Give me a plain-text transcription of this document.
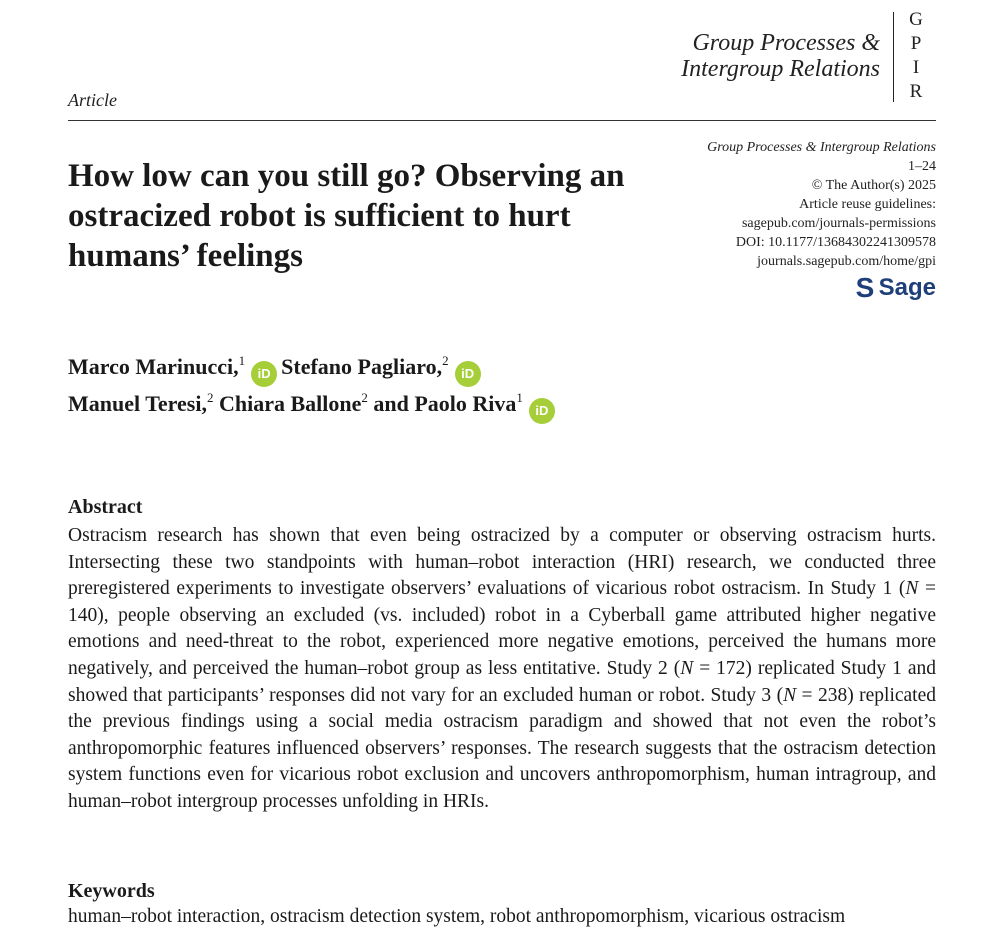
Group Processes &
Intergroup Relations
G
P
I
R
Article
How low can you still go? Observing an ostracized robot is sufficient to hurt humans’ feelings
Group Processes & Intergroup Relations
1–24
© The Author(s) 2025
Article reuse guidelines:
sagepub.com/journals-permissions
DOI: 10.1177/13684302241309578
journals.sagepub.com/home/gpi
S Sage
Marco Marinucci,$^1$iD Stefano Pagliaro,$^2$iD
Manuel Teresi,$^2$ Chiara Ballone$^2$ and Paolo Riva$^1$iD
Abstract

Ostracism research has shown that even being ostracized by a computer or observing ostracism hurts. Intersecting these two standpoints with human–robot interaction (HRI) research, we conducted three preregistered experiments to investigate observers’ evaluations of vicarious robot ostracism. In Study 1 (N = 140), people observing an excluded (vs. included) robot in a Cyberball game attributed higher negative emotions and need-threat to the robot, experienced more negative emotions, perceived the humans more negatively, and perceived the human–robot group as less entitative. Study 2 (N = 172) replicated Study 1 and showed that participants’ responses did not vary for an excluded human or robot. Study 3 (N = 238) replicated the previous findings using a social media ostracism paradigm and showed that not even the robot’s anthropomorphic features influenced observers’ responses. The research suggests that the ostracism detection system functions even for vicarious robot exclusion and uncovers anthropomorphism, human intragroup, and human–robot intergroup processes unfolding in HRIs.

Keywords
human–robot interaction, ostracism detection system, robot anthropomorphism, vicarious ostracism
